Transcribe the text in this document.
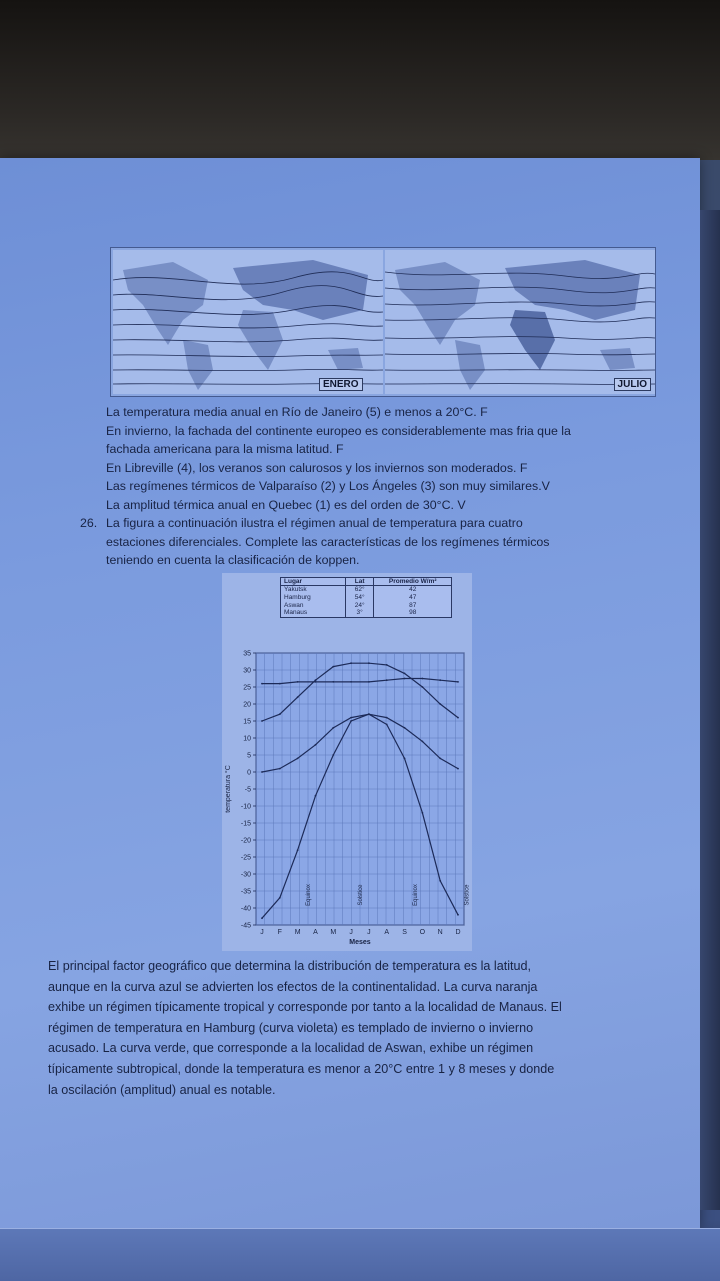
ENERO	JULIO

La temperatura media anual en Río de Janeiro (5) e menos a 20°C. F

En invierno, la fachada del continente europeo es considerablemente mas fria que la

fachada americana para la misma latitud. F

En Libreville (4), los veranos son calurosos y los inviernos son moderados. F

Las regímenes térmicos de Valparaíso (2) y Los Ángeles (3) son muy similares.V

La amplitud térmica anual en Quebec (1) es del orden de 30°C. V

26. La figura a continuación ilustra el régimen anual de temperatura para cuatro
estaciones diferenciales. Complete las características de los regímenes térmicos
teniendo en cuenta la clasificación de koppen.
Lugar	Lat	Promedio W/m²
Yakutsk	62°	42
Hamburg	54°	47
Aswan	24°	87
Manaus	3°	98
35
30
25
20
15
10
5
0
-5
-10
-15
-20
-25
-30
-35
-40
-45
temperatura °C
J F M A M J J A S O N D
Meses
Equinox	Solstice	Equinox	Solstice
El principal factor geográfico que determina la distribución de temperatura es la latitud,
aunque en la curva azul se advierten los efectos de la continentalidad. La curva naranja
exhibe un régimen típicamente tropical y corresponde por tanto a la localidad de Manaus. El
régimen de temperatura en Hamburg (curva violeta) es templado de invierno o invierno
acusado. La curva verde, que corresponde a la localidad de Aswan, exhibe un régimen
típicamente subtropical, donde la temperatura es menor a 20°C entre 1 y 8 meses y donde
la oscilación (amplitud) anual es notable.
